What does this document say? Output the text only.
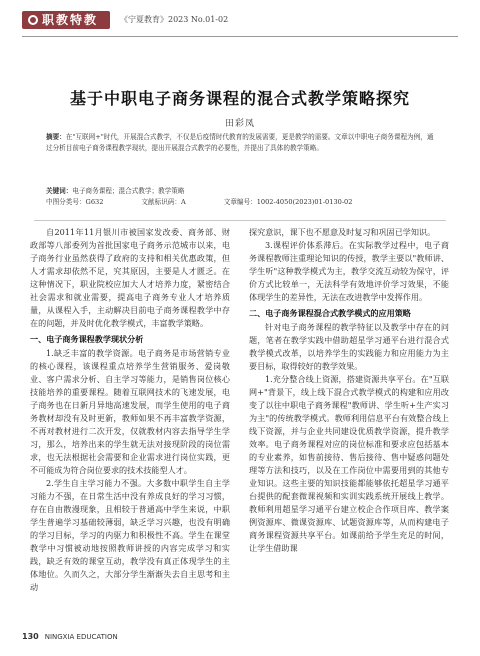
职教特教	《宁夏教育》2023 No.01-02
基于中职电子商务课程的混合式教学策略探究
田彩凤
摘要：在"互联网+"时代，开展混合式教学，不仅是后疫情时代教育的发展需要，更是教学的需要。文章以中职电子商务课程为例，通过分析目前电子商务课程教学现状，提出开展混合式教学的必要性，并提出了具体的教学策略。
关键词：电子商务课程；混合式教学；教学策略
中图分类号：G632	文献标识码：A	文章编号：1002-4050(2023)01-0130-02

自2011年11月银川市被国家发改委、商务部、财政部等八部委列为首批国家电子商务示范城市以来，电子商务行业虽然获得了政府的支持和相关优惠政策，但人才需求却依然不足，究其原因，主要是人才匮乏。在这种情况下，职业院校应加大人才培养力度，紧密结合社会需求和就业需要，提高电子商务专业人才培养质量，从课程入手，主动解决目前电子商务课程教学中存在的问题，并及时优化教学模式，丰富教学策略。

一、电子商务课程教学现状分析

1.缺乏丰富的教学资源。电子商务是市场营销专业的核心课程，该课程重点培养学生营销服务、爱岗敬业、客户需求分析、自主学习等能力，是销售岗位核心技能培养的重要课程。随着互联网技术的飞速发展，电子商务也在日新月异地高速发展，而学生使用的电子商务教材却没有及时更新，教师如果不再丰富教学资源，不再对教材进行二次开发，仅就教材内容去指导学生学习，那么，培养出来的学生就无法对接现阶段的岗位需求，也无法根据社会需要和企业需求进行岗位实践，更不可能成为符合岗位要求的技术技能型人才。

2.学生自主学习能力不强。大多数中职学生自主学习能力不强，在日常生活中没有养成良好的学习习惯，存在自由散漫现象，且相较于普通高中学生来说，中职学生普遍学习基础较薄弱，缺乏学习兴趣，也没有明确的学习目标，学习的内驱力和积极性不高。学生在课堂教学中习惯被动地按照教师讲授的内容完成学习和实践，缺乏有效的课堂互动，教学没有真正体现学生的主体地位。久而久之，大部分学生渐渐失去自主思考和主动

探究意识，课下也不愿意及时复习和巩固已学知识。

3.课程评价体系滞后。在实际教学过程中，电子商务课程教师注重理论知识的传授，教学主要以"教师讲、学生听"这种教学模式为主，教学交流互动较为保守，评价方式比较单一，无法科学有效地评价学习效果，不能体现学生的差异性，无法在改进教学中发挥作用。

二、电子商务课程混合式教学模式的应用策略

针对电子商务课程的教学特征以及教学中存在的问题，笔者在教学实践中借助超星学习通平台进行混合式教学模式改革，以培养学生的实践能力和应用能力为主要目标，取得较好的教学效果。

1.充分整合线上资源，搭建资源共享平台。在"互联网+"背景下，线上线下混合式教学模式的构建和应用改变了以往中职电子商务课程"教师讲、学生听+生产实习为主"的传统教学模式。教师利用信息平台有效整合线上线下资源，并与企业共同建设优质教学资源，提升教学效率。电子商务课程对应的岗位标准和要求应包括基本的专业素养，如售前接待、售后接待、售中疑惑问题处理等方法和技巧，以及在工作岗位中需要用到的其他专业知识。这些主要的知识技能都能够依托超星学习通平台提供的配套微课视频和实训实践系统开展线上教学。教师利用超星学习通平台建立校企合作项目库、教学案例资源库、微课资源库、试题资源库等，从而构建电子商务课程资源共享平台。如课前给予学生充足的时间，让学生借助课

130 NINGXIA EDUCATION
